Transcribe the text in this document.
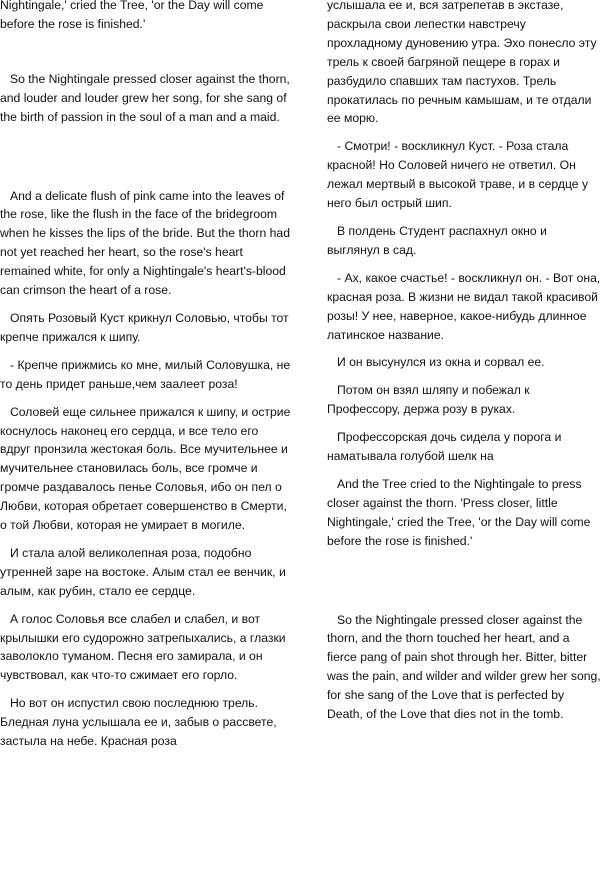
Nightingale,' cried the Tree, 'or the Day will come before the rose is finished.'

So the Nightingale pressed closer against the thorn, and louder and louder grew her song, for she sang of the birth of passion in the soul of a man and a maid.

And a delicate flush of pink came into the leaves of the rose, like the flush in the face of the bridegroom when he kisses the lips of the bride. But the thorn had not yet reached her heart, so the rose's heart remained white, for only a Nightingale's heart's-blood can crimson the heart of a rose.

Опять Розовый Куст крикнул Соловью, чтобы тот крепче прижался к шипу.

- Крепче прижмись ко мне, милый Соловушка, не то день придет раньше,чем заалеет роза!

Соловей еще сильнее прижался к шипу, и острие коснулось наконец его сердца, и все тело его вдруг пронзила жестокая боль. Все мучительнее и мучительнее становилась боль, все громче и громче раздавалось пенье Соловья, ибо он пел о Любви, которая обретает совершенство в Смерти, о той Любви, которая не умирает в могиле.

И стала алой великолепная роза, подобно утренней заре на востоке. Алым стал ее венчик, и алым, как рубин, стало ее сердце.

А голос Соловья все слабел и слабел, и вот крылышки его судорожно затрепыхались, а глазки заволокло туманом. Песня его замирала, и он чувствовал, как что-то сжимает его горло.

Но вот он испустил свою последнюю трель. Бледная луна услышала ее и, забыв о рассвете, застыла на небе. Красная роза

услышала ее и, вся затрепетав в экстазе, раскрыла свои лепестки навстречу прохладному дуновению утра. Эхо понесло эту трель к своей багряной пещере в горах и разбудило спавших там пастухов. Трель прокатилась по речным камышам, и те отдали ее морю.

- Смотри! - воскликнул Куст. - Роза стала красной! Но Соловей ничего не ответил. Он лежал мертвый в высокой траве, и в сердце у него был острый шип.

В полдень Студент распахнул окно и выглянул в сад.

- Ах, какое счастье! - воскликнул он. - Вот она, красная роза. В жизни не видал такой красивой розы! У нее, наверное, какое-нибудь длинное латинское название.

И он высунулся из окна и сорвал ее.

Потом он взял шляпу и побежал к Профессору, держа розу в руках.

Профессорская дочь сидела у порога и наматывала голубой шелк на

And the Tree cried to the Nightingale to press closer against the thorn. 'Press closer, little Nightingale,' cried the Tree, 'or the Day will come before the rose is finished.'

So the Nightingale pressed closer against the thorn, and the thorn touched her heart, and a fierce pang of pain shot through her. Bitter, bitter was the pain, and wilder and wilder grew her song, for she sang of the Love that is perfected by Death, of the Love that dies not in the tomb.
